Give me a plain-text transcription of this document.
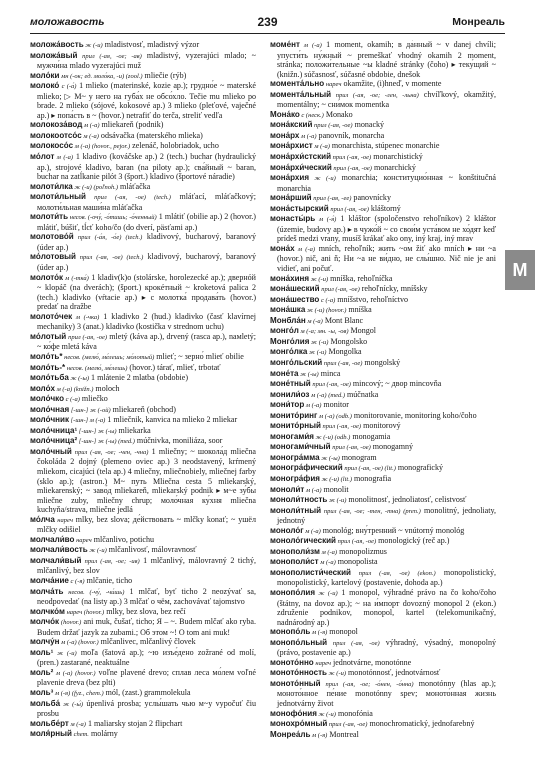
моложавость	239	Монреаль

моложа́вость ж (-и) mladistvosť, mladistvý výzor

моложа́вый прил (-ая, -ое; -ав) mladistvý, vyzerajúci mlado; ~ мужчи́на mlado vyzerajúci muž

моло́ки мн (-ок; ед. моло́ка, -и) (zool.) mliečie (rýb)

молоко́ с (-а́) 1 mlieko (materinské, kozie ap.); грудно́е ~ materské mlieko; ▷ М~ у него на губа́х не обсо́хло. Tečie mu mlieko po brade. 2 mlieko (sójové, kokosové ap.) 3 mlieko (pleťové, vaječné ap.) ▸ попа́сть в ~ (hovor.) netrafiť do terča, streliť vedľa

молокоза́вод м (-а) mliekareň (podnik)

молокоотсо́с м (-а) odsávačka (materského mlieka)

молокосо́с м (-а) (hovor., pejor.) zelenáč, holobriadok, ucho

мо́лот м (-а) 1 kladivo (kováčske ap.) 2 (tech.) buchar (hydraulický ap.), strojové kladivo, baran (na piloty ap.); сва́йный ~ baran, buchar na zatĺkanie pilót 3 (šport.) kladivo (športové náradie)

молоти́лка ж (-и) (poľnoh.) mláťačka

молоти́льный прил (-ая, -ое) (tech.) mláťací, mláťačkový; молоти́льная маши́на mláťačka

молоти́ть несов. (-очу́, -о́тишь; -о́ченный) 1 mlátiť (obilie ap.) 2 (hovor.) mlátiť, búšiť, tĺcť koho/čo (do dverí, päsťami ap.)

молотово́й прил (-а́я, -о́е) (tech.) kladivový, bucharový, baranový (úder ap.)

мо́лотовый прил (-ая, -ое) (tech.) kladivový, bucharový, baranový (úder ap.)

молото́к м (-тка́) 1 kladiv(k)o (stolárske, horolezecké ap.); двернóй ~ klopáč (na dverách); (šport.) крокéтный ~ kroketová palica 2 (tech.) kladivko (vŕtacie ap.) ▸ с молотка́ продава́ть (hovor.) predať na dražbe

молото́чек м (-чка) 1 kladivko 2 (hud.) kladivko (časť klavírnej mechaniky) 3 (anat.) kladivko (kostička v strednom uchu)

мо́лотый прил (-ая, -ое) mletý (káva ap.), drvený (rasca ap.), naмletý; ~ ко́фе mletá káva

моло́ть* несов. (мелю́, ме́лешь; мо́лотый) mlieť; ~ зерно́ mlieť obilie

моло́ть-* несов. (мелю́, ме́лешь) (hovor.) tárať, mlieť, trbotať

моло́тьба ж (-ы) 1 mlátenie 2 mlatba (obdobie)

моло́х м (-а) (knižn.) moloch

моло́чко с (-а) mliečko

моло́чная [-шн-] ж (-ой) mliekareň (obchod)

моло́чник [-шн-] м (-а) 1 mliečnik, kanvica na mlieko 2 mliekar

моло́чница¹ [-шн-] ж (-ы) mliekarka

моло́чница² [-шн-] ж (-ы) (med.) múčnivka, moniliáza, soor

моло́чный прил (-ая, -ое; -чен, -чна) 1 mliečny; ~ шокола́д mliečna čokoláda 2 dojný (plemeno oviec ap.) 3 neodstavený, krŕmený mliekom, cicajúci (tela ap.) 4 mliečny, mliečnobiely, mliečnej farby (sklo ap.); (astron.) М~ путь Mliečna cesta 5 mliekarský, mliekarenský; ~ заво́д mliekareň, mliekarský podnik ▸ м~е зу́бы mliečne zuby, mliečny chrup; моло́чная ку́хня mliečna kuchyňa/strava, mliečne jedlá

мо́лча нареч mlky, bez slova; де́йствовать ~ mlčky konať; ~ ушёл mlčky odišiel

молчали́во нареч mlčanlivo, potichu

молчали́вость ж (-и) mlčanlivosť, málovravnosť

молчали́вый прил (-ая, -ое; -ив) 1 mlčanlivý, málovravný 2 tichý, mlčanlivý, bez slov

молча́ние с (-я) mlčanie, ticho

молча́ть несов. (-чу́, -чи́шь) 1 mlčať, byť ticho 2 neozývať sa, neodpovedať (na listy ap.) 3 mlčať о чём, zachovávať tajomstvo

молчко́м нареч (hovor.) mlky, bez slova, bez rečí

молчо́к (hovor.) ani muk, čušať, ticho; Я – ~. Budem mlčať ako ryba. Budem držať jazyk za zubami.; Об этом ~! O tom ani muk!

молчу́н м (-а) (hovor.) mlčanlivec, mlčanlivý človek

моль¹ ж (-и) moľa (šatová ap.); ~ю изъе́дено zožrané od molí, (pren.) zastarané, neaktuálne

моль² м (-а) (hovor.) voľne plavené drevo; сплав леса мо́лем voľné plavenie dreva (bez plti)

моль³ м (-я) (fyz., chem.) mól, (zast.) grammolekula

мольба́ ж (-ы́) úpenlivá prosba; услы́шать чью м~у vypočuť čiu prosbu

мольбе́рт м (-а) 1 maliarsky stojan 2 flipchart

моля́рный chem. molárny

моме́нт м (-а) 1 moment, okamih; в да́нный ~ v danej chvíli; упусти́ть ну́жный ~ premeškať vhodný okamih 2 moment, stránka; положи́тельные ~ы kladné stránky (čoho) ▸ теку́щий ~ (knižn.) súčasnosť, súčasné obdobie, dnešok

момента́льно нареч okamžite, (i)hneď, v momente

момента́льный прил (-ая, -ое; -лен, -льна) chvíľkový, okamžitý, momentálny; ~ сни́мок momentka

Мона́ко с (неск.) Monako

мона́кский прил (-ая, -ое) monacký

мона́рх м (-а) panovník, monarcha

мона́рхист м (-а) monarchista, stúpenec monarchie

мона́рхи́стский прил (-ая, -ое) monarchistický

мона́рхи́ческий прил (-ая, -ое) monarchický

мона́рхия ж (-и) monarchia; конституцио́нная ~ konštitučná monarchia

мона́рший прил (-ая, -ее) panovnícky

мона́стырский прил (-ая, -ое) kláštorný

монасты́рь м (-я́) 1 kláštor (spoločenstvo rehoľníkov) 2 kláštor (územie, budovy ap.) ▸ в чужо́й ~ со свои́м уста́вом не хо́дят keď prídeš medzi vrany, musíš krákať ako ony, iný kraj, iný mrav

мона́х м (-а) mních, rehoľník; жить ~ом žiť ako mních ▸ ни ~а (hovor.) nič, ani ň; Ни ~а не ви́дно, не слы́шно. Nič nie je ani vidieť, ani počuť.

мона́хиня ж (-и) mníška, rehoľníčka

мона́шеский прил (-ая, -ое) rehoľnícky, mníšsky

мона́шество с (-а) mníšstvo, rehoľníctvo

мона́шка ж (-и) (hovor.) mníška

Монбла́н м (-а) Mont Blanc

монго́л м (-а; мн. -ы, -ов) Mongol

Монго́лия ж (-и) Mongolsko

монго́лка ж (-и) Mongolka

монго́льский прил (-ая, -ое) mongolský

моне́та ж (-ы) minca

моне́тный прил (-ая, -ое) mincový; ~ двор mincovňa

монили́оз м (-а) (med.) múčnatka

мони́тор м (-а) monitor

монито́ринг м (-а) (odb.) monitorovanie, monitoring koho/čoho

монито́рный прил (-ая, -ое) monitorový

моногами́я ж (-и) (odb.) monogamia

моногами́чный прил (-ая, -ое) monogamný

моногра́мма ж (-ы) monogram

моногра́фический прил (-ая, -ое) (lit.) monografický

моногра́фия ж (-и) (lit.) monografia

моноли́т м (-а) monolit

моноли́тность ж (-и) monolitnosť, jednoliatosť, celistvosť

моноли́тный прил (-ая, -ое; -тен, -тна) (pren.) monolitný, jednoliaty, jednotný

моноло́г м (-а) monológ; вну́тренний ~ vnútorný monológ

моноло́гический прил (-ая, -ое) monologický (reč ap.)

монополи́зм м (-а) monopolizmus

монополи́ст м (-а) monopolista

монополисти́ческий прил (-ая, -ое) (ekon.) monopolistický, monopolistický, kartelový (postavenie, dohoda ap.)

монопо́лия ж (-и) 1 monopol, výhradné právo na čo koho/čoho (štátny, na dovoz ap.); ~ на и́мпорт dovozný monopol 2 (ekon.) združenie podnikov, monopol, kartel (telekomunikačný, nadnárodný ap.)

монопо́ль м (-я) monopol

монопо́льный прил (-ая, -ое) výhradný, výsadný, monopolný (právo, postavenie ap.)

моното́нно нареч jednotvárne, monotónne

моното́нность ж (-и) monotónnosť, jednotvárnosť

моното́нный прил (-ая, -ое; -о́нен, -о́нна) monotónny (hlas ap.); моното́нное пе́ние monotónny spev; моното́нная жизнь jednotvárny život

монофо́ния ж (-и) monofónia

монохро́мный прил (-ая, -ое) monochromatický, jednofarebný

Монреа́ль м (-я) Montreal

M
